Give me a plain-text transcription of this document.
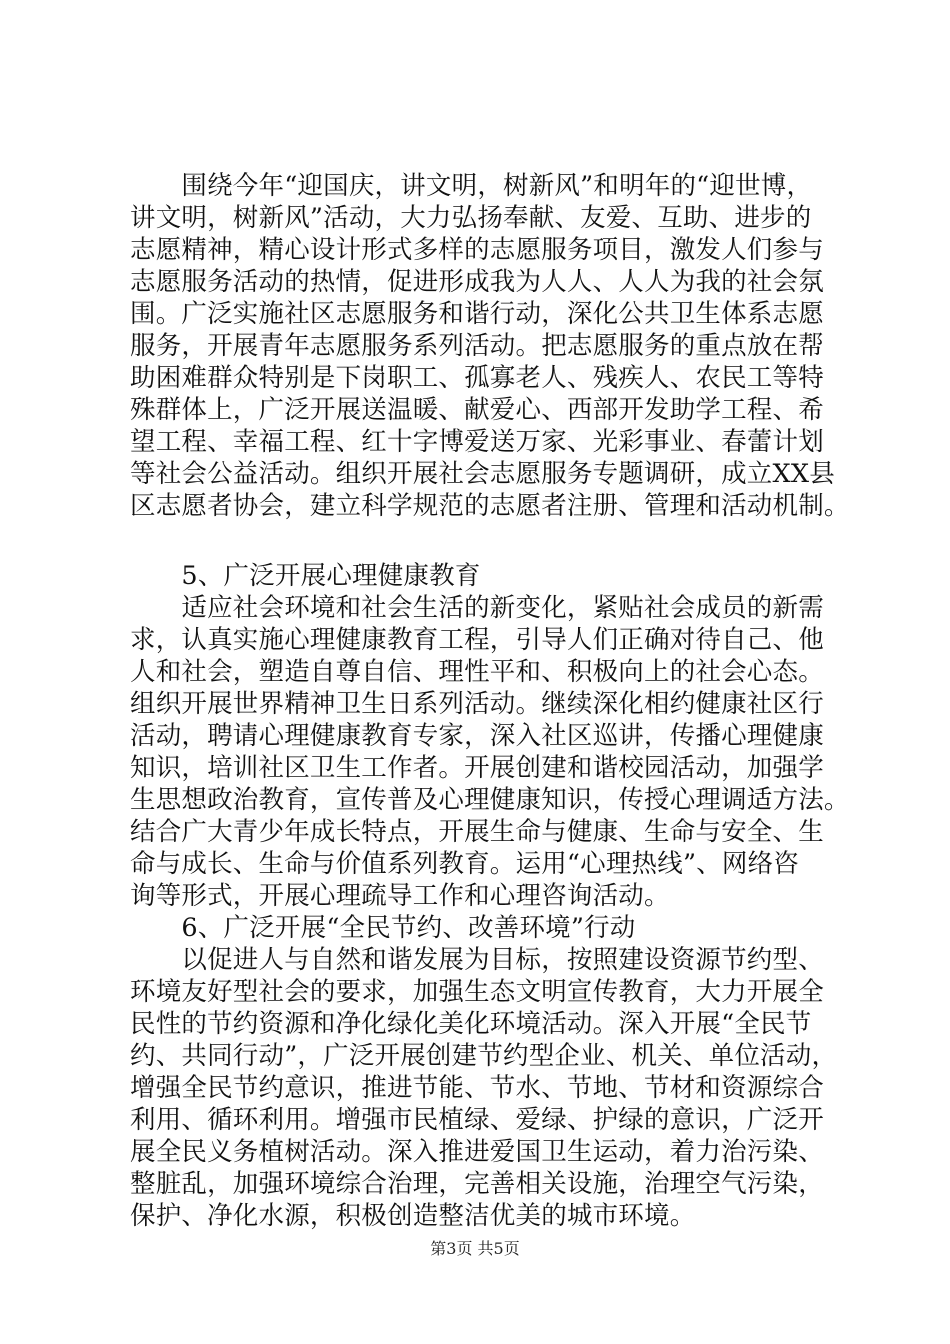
　　围绕今年“迎国庆，讲文明，树新风”和明年的“迎世博，
讲文明，树新风”活动，大力弘扬奉献、友爱、互助、进步的
志愿精神，精心设计形式多样的志愿服务项目，激发人们参与
志愿服务活动的热情，促进形成我为人人、人人为我的社会氛
围。广泛实施社区志愿服务和谐行动，深化公共卫生体系志愿
服务，开展青年志愿服务系列活动。把志愿服务的重点放在帮
助困难群众特别是下岗职工、孤寡老人、残疾人、农民工等特
殊群体上，广泛开展送温暖、献爱心、西部开发助学工程、希
望工程、幸福工程、红十字博爱送万家、光彩事业、春蕾计划
等社会公益活动。组织开展社会志愿服务专题调研，成立XX县
区志愿者协会，建立科学规范的志愿者注册、管理和活动机制。
　　5、广泛开展心理健康教育
　　适应社会环境和社会生活的新变化，紧贴社会成员的新需
求，认真实施心理健康教育工程，引导人们正确对待自己、他
人和社会，塑造自尊自信、理性平和、积极向上的社会心态。
组织开展世界精神卫生日系列活动。继续深化相约健康社区行
活动，聘请心理健康教育专家，深入社区巡讲，传播心理健康
知识，培训社区卫生工作者。开展创建和谐校园活动，加强学
生思想政治教育，宣传普及心理健康知识，传授心理调适方法。
结合广大青少年成长特点，开展生命与健康、生命与安全、生
命与成长、生命与价值系列教育。运用“心理热线”、网络咨
询等形式，开展心理疏导工作和心理咨询活动。
　　6、广泛开展“全民节约、改善环境”行动
　　以促进人与自然和谐发展为目标，按照建设资源节约型、
环境友好型社会的要求，加强生态文明宣传教育，大力开展全
民性的节约资源和净化绿化美化环境活动。深入开展“全民节
约、共同行动”，广泛开展创建节约型企业、机关、单位活动，
增强全民节约意识，推进节能、节水、节地、节材和资源综合
利用、循环利用。增强市民植绿、爱绿、护绿的意识，广泛开
展全民义务植树活动。深入推进爱国卫生运动，着力治污染、
整脏乱，加强环境综合治理，完善相关设施，治理空气污染，
保护、净化水源，积极创造整洁优美的城市环境。
第3页 共5页
